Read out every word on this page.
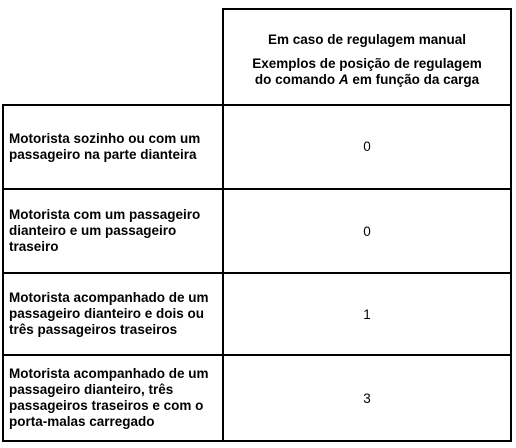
Em caso de regulagem manual
Exemplos de posição de regulagem do comando A em função da carga
Motorista sozinho ou com um passageiro na parte dianteira
0
Motorista com um passageiro dianteiro e um passageiro traseiro
0
Motorista acompanhado de um passageiro dianteiro e dois ou três passageiros traseiros
1
Motorista acompanhado de um passageiro dianteiro, três passageiros traseiros e com o porta-malas carregado
3
